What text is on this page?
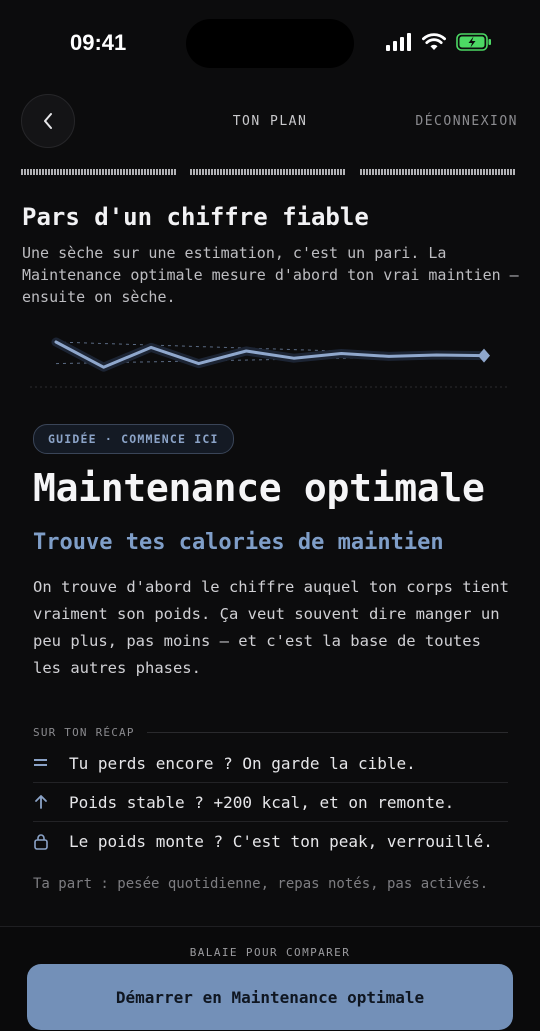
09:41
TON PLAN	DÉCONNEXION
Pars d'un chiffre fiable
Une sèche sur une estimation, c'est un pari. La Maintenance optimale mesure d'abord ton vrai maintien — ensuite on sèche.
GUIDÉE · COMMENCE ICI
Maintenance optimale
Trouve tes calories de maintien
On trouve d'abord le chiffre auquel ton corps tient vraiment son poids. Ça veut souvent dire manger un peu plus, pas moins — et c'est la base de toutes les autres phases.
SUR TON RÉCAP
Tu perds encore ? On garde la cible.
Poids stable ? +200 kcal, et on remonte.
Le poids monte ? C'est ton peak, verrouillé.
Ta part : pesée quotidienne, repas notés, pas activés.
BALAIE POUR COMPARER
Démarrer en Maintenance optimale
